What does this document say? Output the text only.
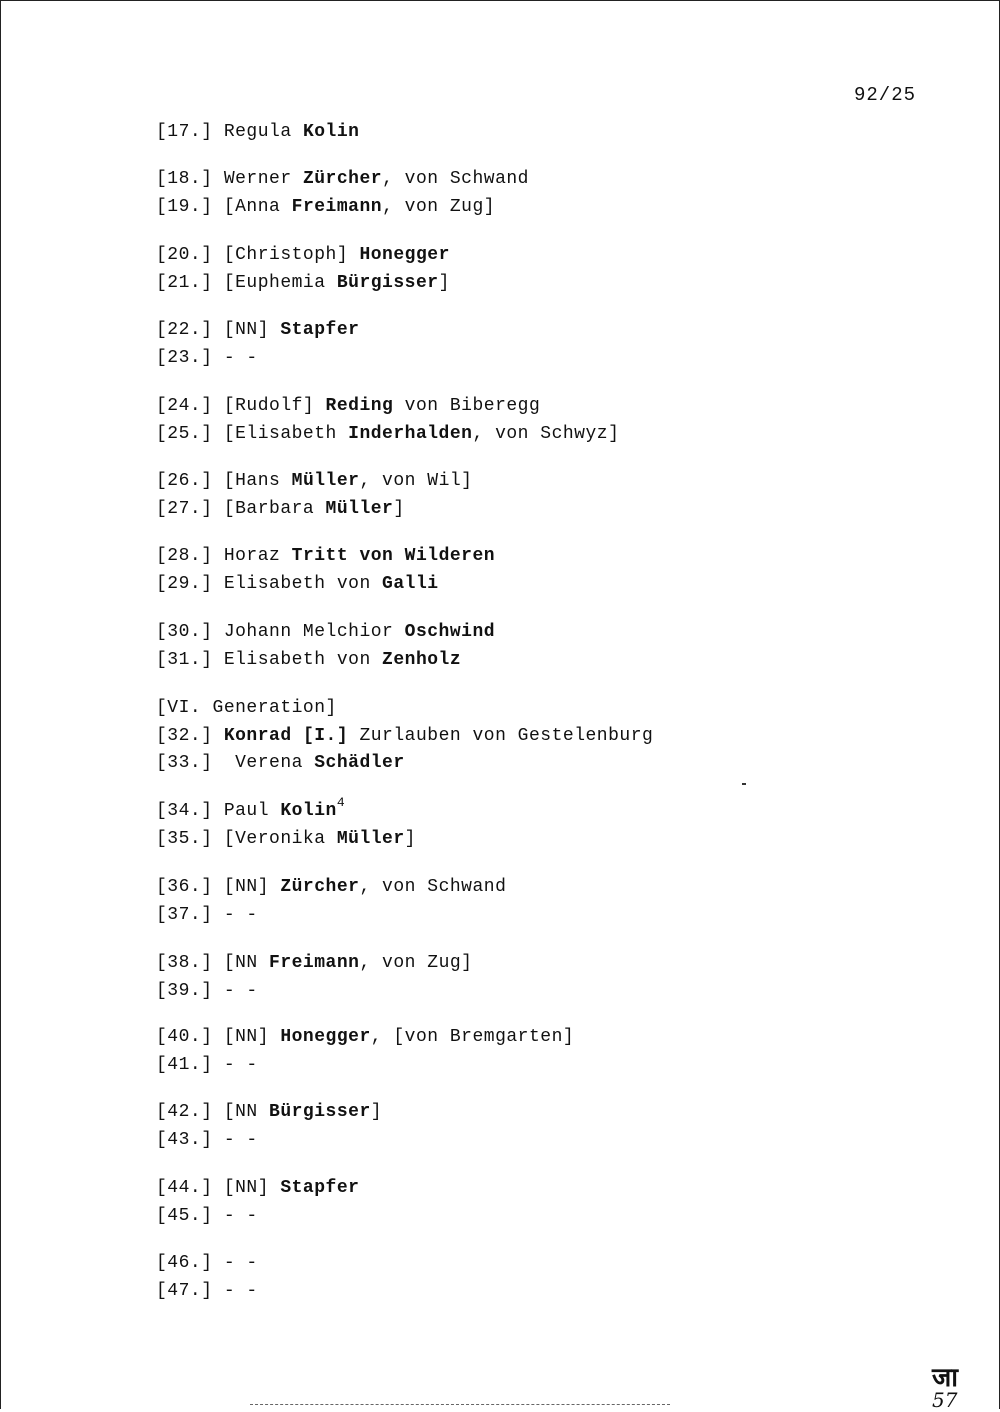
92/25
[17.] Regula Kolin
[18.] Werner Zürcher, von Schwand
[19.] [Anna Freimann, von Zug]
[20.] [Christoph] Honegger
[21.] [Euphemia Bürgisser]
[22.] [NN] Stapfer
[23.] - -
[24.] [Rudolf] Reding von Biberegg
[25.] [Elisabeth Inderhalden, von Schwyz]
[26.] [Hans Müller, von Wil]
[27.] [Barbara Müller]
[28.] Horaz Tritt von Wilderen
[29.] Elisabeth von Galli
[30.] Johann Melchior Oschwind
[31.] Elisabeth von Zenholz
[VI. Generation]
[32.] Konrad [I.] Zurlauben von Gestelenburg
[33.]  Verena Schädler
[34.] Paul Kolin$^4$
[35.] [Veronika Müller]
[36.] [NN] Zürcher, von Schwand
[37.] - -
[38.] [NN Freimann, von Zug]
[39.] - -
[40.] [NN] Honegger, [von Bremgarten]
[41.] - -
[42.] [NN Bürgisser]
[43.] - -
[44.] [NN] Stapfer
[45.] - -
[46.] - -
[47.] - -
जा
57
